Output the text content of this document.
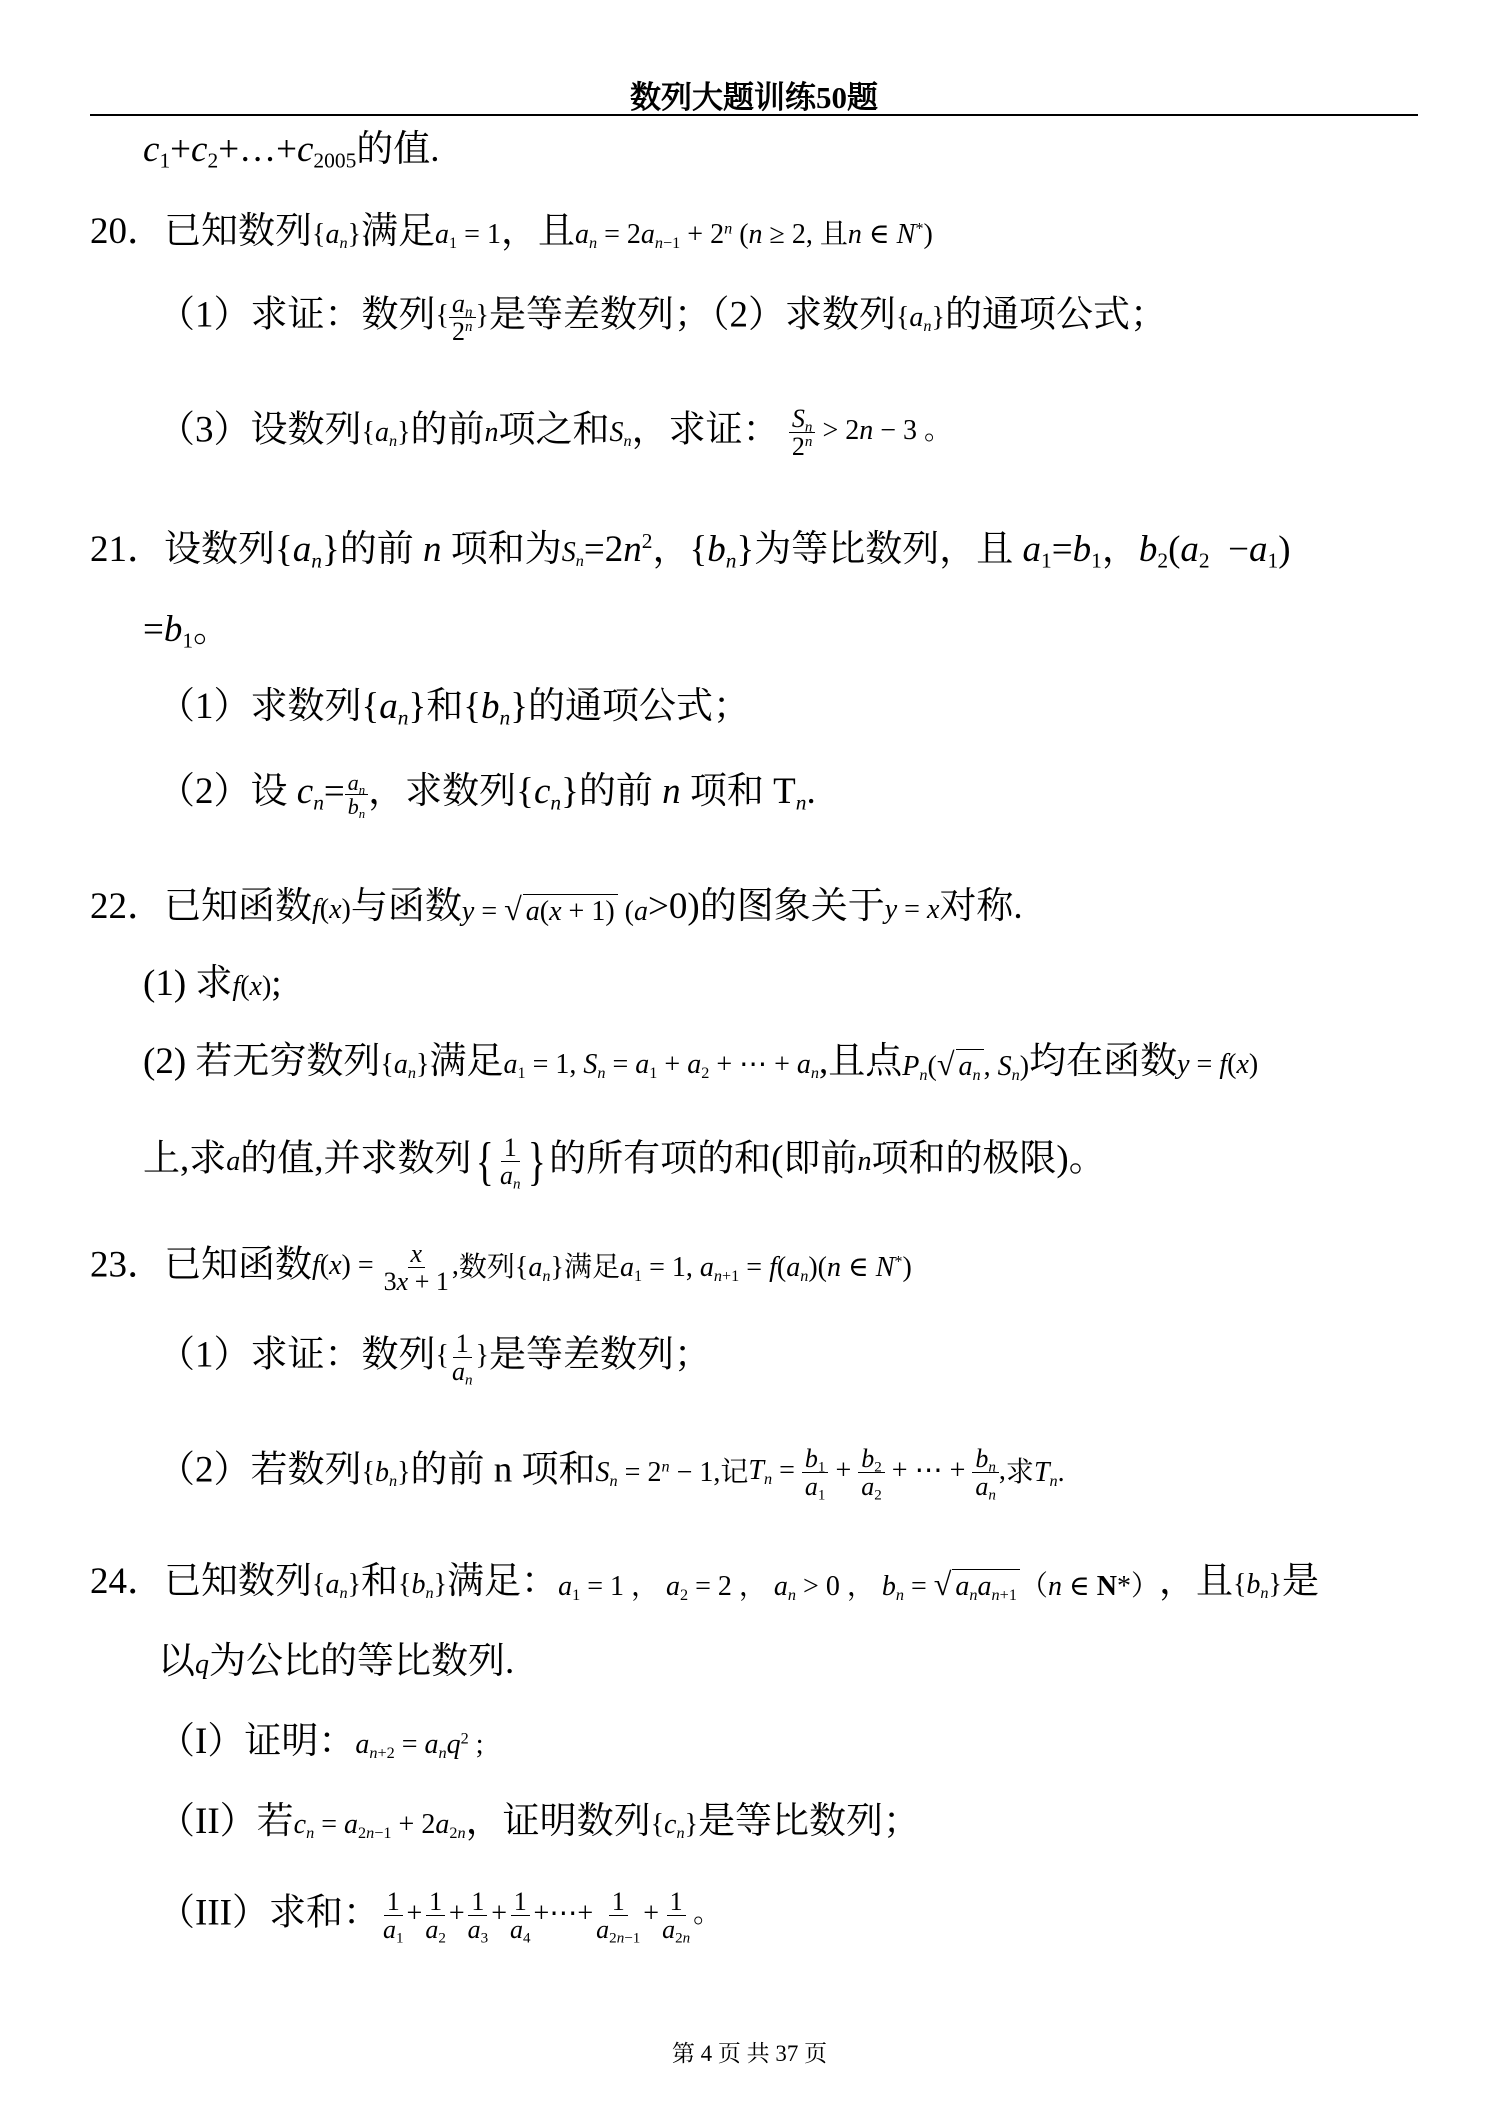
数列大题训练50题
$c_1+c_2+\dots+c_{2005}$的值.
20．已知数列$\{a_n\}$满足$a_1 = 1$，且$a_n = 2a_{n-1} + 2^n$ (n ≥ 2, 且n ∈ N*)
（1）求证：数列{ $\frac{a_n}{2^n}$ }是等差数列；（2）求数列$\{a_n\}$的通项公式；
（3）设数列$\{a_n\}$的前n项之和$S_n$，求证： $\frac{S_n}{2^n} > 2n - 3$ 。
21．设数列$\{a_n\}$的前 n 项和为$S_n=2n^2$，$\{b_n\}$为等比数列，且 $a_1=b_1$，$b_2(a_2 -a_1)$
$=b_1$。
（1）求数列$\{a_n\}$和$\{b_n\}$的通项公式；
（2）设 $c_n= \frac{a_n}{b_n}$ ，求数列$\{c_n\}$的前 n 项和 $T_n$.
22．已知函数f(x)与函数y = √ a(x + 1) (a>0)的图象关于y = x对称.
(1) 求f(x);
(2) 若无穷数列$\{a_n\}$满足$a_1 = 1$, $S_n = a_1 + a_2$ + ⋯ + $a_n$,且点$P_n(√$ $a_n$ , $S_n$)均在函数y = f(x)
上,求a的值,并求数列{ $\frac{1}{a_n}$ } 的所有项的和(即前n项和的极限)。
23．已知函数$f(x) = \frac{x}{3x + 1}$ ,数列$\{a_n\}$满足$a_1 = 1$, $a_{n+1} = f(a_n)(n$ ∈ N*)
（1）求证：数列{ $\frac{1}{a_n}$ }是等差数列；
（2）若数列$\{b_n\}$的前 n 项和$S_n = 2^n - 1$,记$T_n = \frac{b_1}{a_1} + \frac{b_2}{a_2}$ + ⋯ + $\frac{b_n}{a_n}$ ,求$T_n$.
24．已知数列$\{a_n\}$和$\{b_n\}$满足：$a_1 = 1$ ， $a_2 = 2$ ， $a_n > 0$ ， $b_n$ = √ $a_na_{n+1}$ （n ∈ N*），且$\{b_n\}$是
以q为公比的等比数列.
（I）证明：$a_{n+2} = a_nq^2$ ;
（II）若$c_n = a_{2n-1} + 2a_{2n}$，证明数列$\{c_n\}$是等比数列；
（III）求和： $\frac{1}{a_1} + \frac{1}{a_2} + \frac{1}{a_3} + \frac{1}{a_4}$ +⋯+ $\frac{1}{a_{2n-1}} + \frac{1}{a_{2n}}$ 。
第 4 页 共 37 页
